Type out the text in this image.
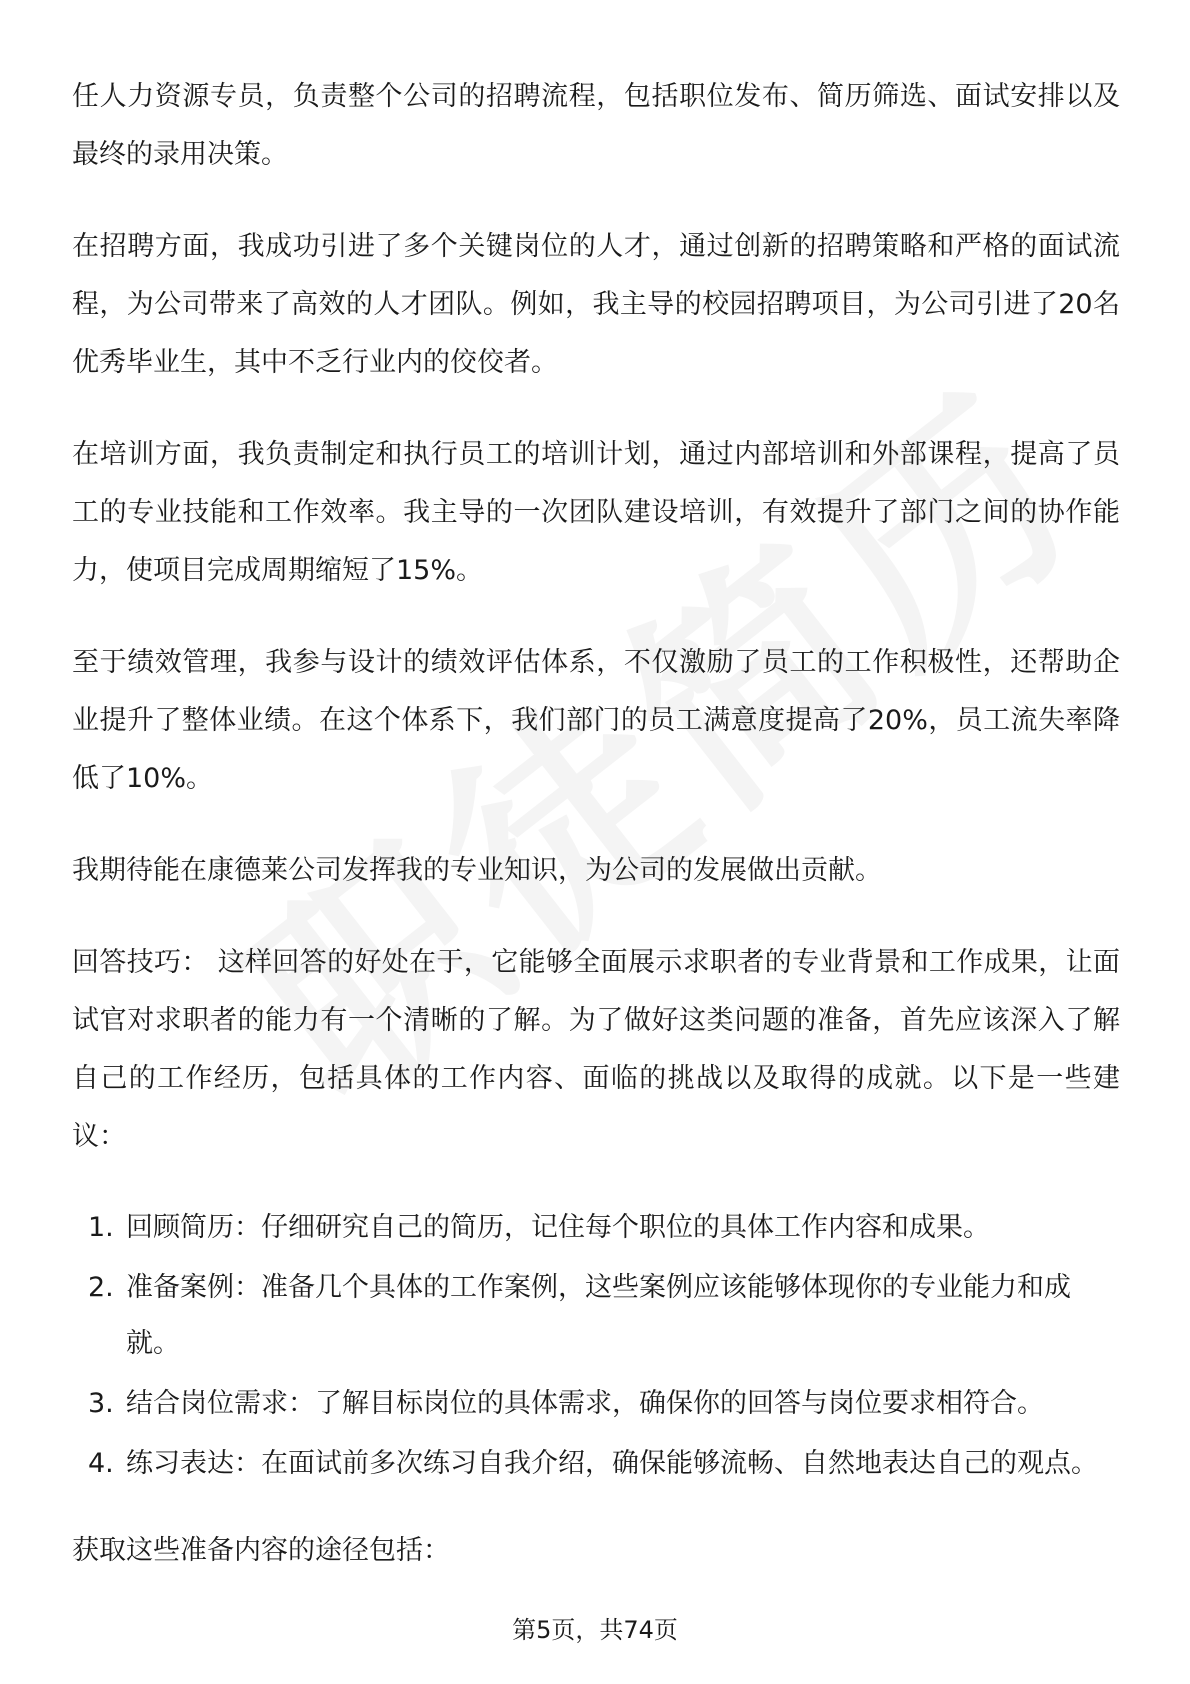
任人力资源专员，负责整个公司的招聘流程，包括职位发布、简历筛选、面试安排以及最终的录用决策。

在招聘方面，我成功引进了多个关键岗位的人才，通过创新的招聘策略和严格的面试流程，为公司带来了高效的人才团队。例如，我主导的校园招聘项目，为公司引进了20名优秀毕业生，其中不乏行业内的佼佼者。

在培训方面，我负责制定和执行员工的培训计划，通过内部培训和外部课程，提高了员工的专业技能和工作效率。我主导的一次团队建设培训，有效提升了部门之间的协作能力，使项目完成周期缩短了15%。

至于绩效管理，我参与设计的绩效评估体系，不仅激励了员工的工作积极性，还帮助企业提升了整体业绩。在这个体系下，我们部门的员工满意度提高了20%，员工流失率降低了10%。

我期待能在康德莱公司发挥我的专业知识，为公司的发展做出贡献。

回答技巧： 这样回答的好处在于，它能够全面展示求职者的专业背景和工作成果，让面试官对求职者的能力有一个清晰的了解。为了做好这类问题的准备，首先应该深入了解自己的工作经历，包括具体的工作内容、面临的挑战以及取得的成就。以下是一些建议：

1. 回顾简历：仔细研究自己的简历，记住每个职位的具体工作内容和成果。
2. 准备案例：准备几个具体的工作案例，这些案例应该能够体现你的专业能力和成就。
3. 结合岗位需求：了解目标岗位的具体需求，确保你的回答与岗位要求相符合。
4. 练习表达：在面试前多次练习自我介绍，确保能够流畅、自然地表达自己的观点。

获取这些准备内容的途径包括：

第5页，共74页
